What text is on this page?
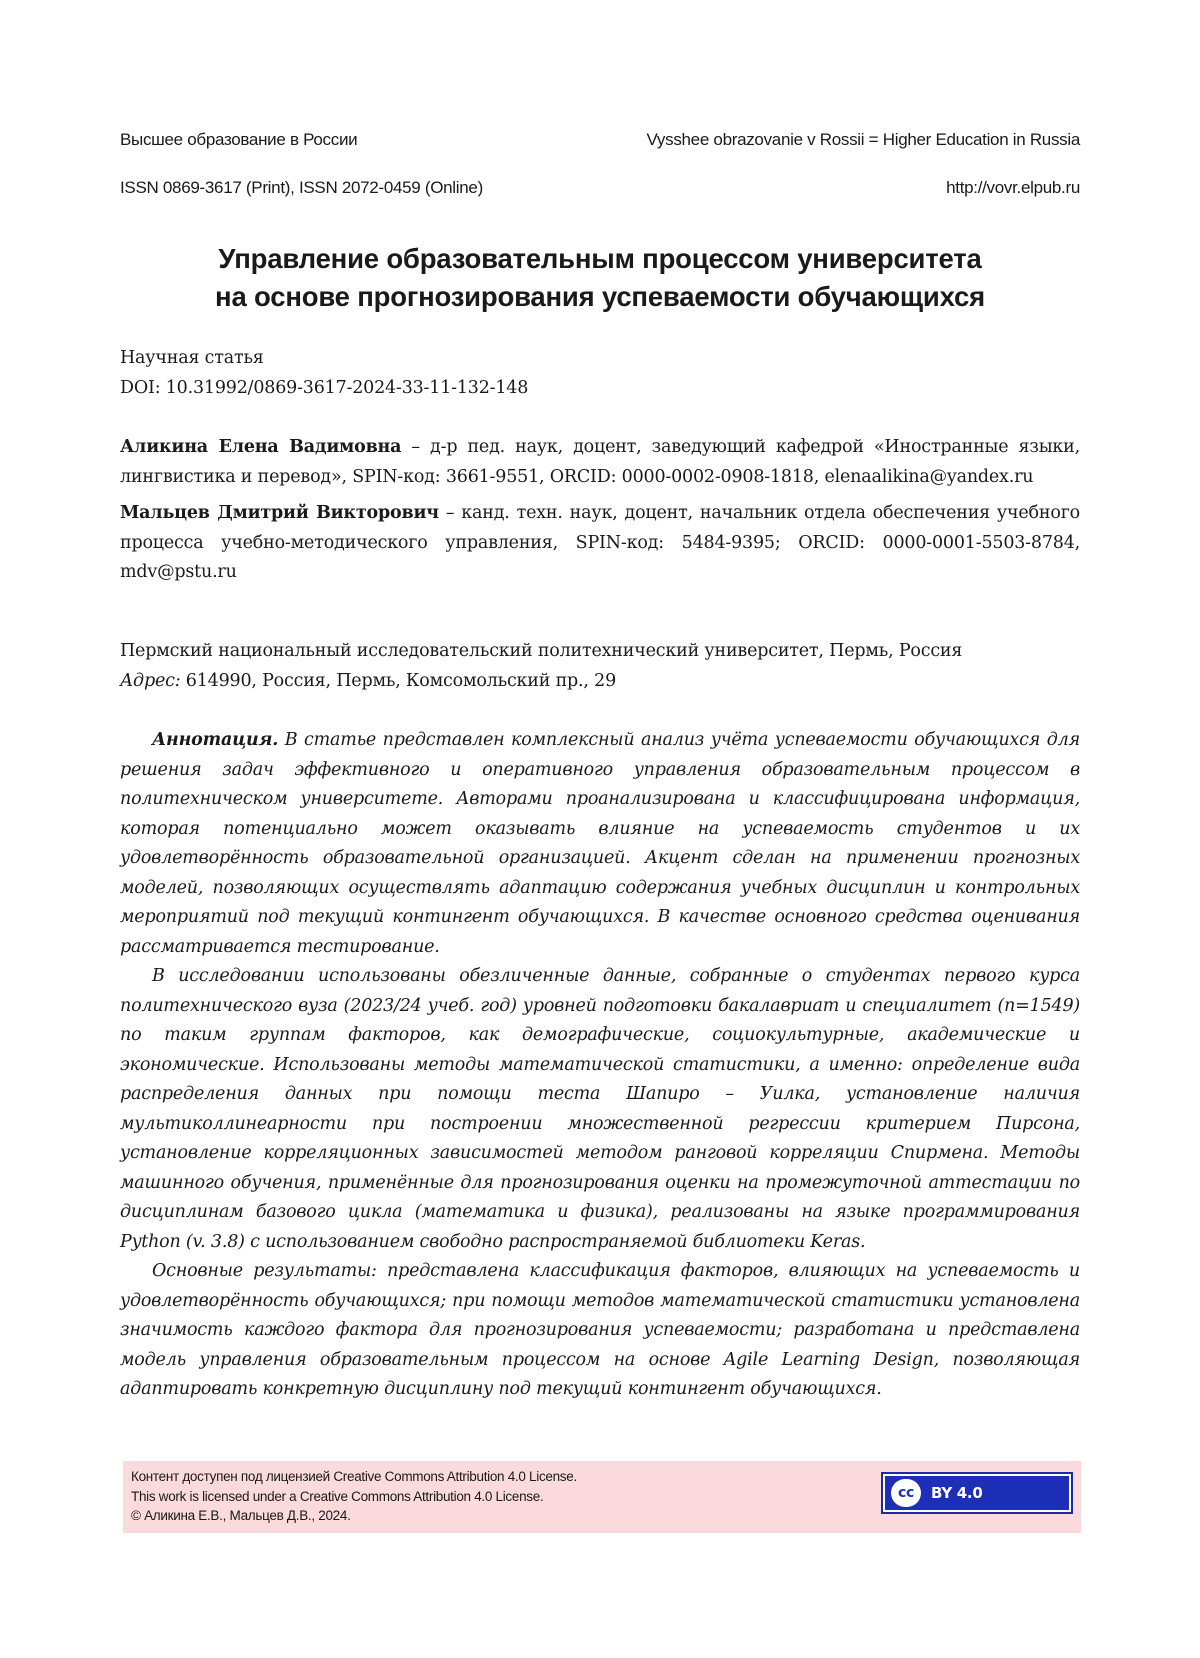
Высшее образование в России	Vysshee obrazovanie v Rossii = Higher Education in Russia
ISSN 0869-3617 (Print), ISSN 2072-0459 (Online)	http://vovr.elpub.ru
Управление образовательным процессом университета
на основе прогнозирования успеваемости обучающихся
Научная статья
DOI: 10.31992/0869-3617-2024-33-11-132-148

Аликина Елена Вадимовна – д-р пед. наук, доцент, заведующий кафедрой «Иностранные языки, лингвистика и перевод», SPIN-код: 3661-9551, ORCID: 0000-0002-0908-1818, elenaalikina@yandex.ru

Мальцев Дмитрий Викторович – канд. техн. наук, доцент, начальник отдела обеспечения учебного процесса учебно-методического управления, SPIN-код: 5484-9395; ORCID: 0000-0001-5503-8784, mdv@pstu.ru

Пермский национальный исследовательский политехнический университет, Пермь, Россия
Адрес: 614990, Россия, Пермь, Комсомольский пр., 29

Аннотация. В статье представлен комплексный анализ учёта успеваемости обучающихся для решения задач эффективного и оперативного управления образовательным процессом в политехническом университете. Авторами проанализирована и классифицирована информация, которая потенциально может оказывать влияние на успеваемость студентов и их удовлетворённость образовательной организацией. Акцент сделан на применении прогнозных моделей, позволяющих осуществлять адаптацию содержания учебных дисциплин и контрольных мероприятий под текущий контингент обучающихся. В качестве основного средства оценивания рассматривается тестирование.

В исследовании использованы обезличенные данные, собранные о студентах первого курса политехнического вуза (2023/24 учеб. год) уровней подготовки бакалавриат и специалитет (n=1549) по таким группам факторов, как демографические, социокультурные, академические и экономические. Использованы методы математической статистики, а именно: определение вида распределения данных при помощи теста Шапиро – Уилка, установление наличия мультиколлинеарности при построении множественной регрессии критерием Пирсона, установление корреляционных зависимостей методом ранговой корреляции Спирмена. Методы машинного обучения, применённые для прогнозирования оценки на промежуточной аттестации по дисциплинам базового цикла (математика и физика), реализованы на языке программирования Python (v. 3.8) с использованием свободно распространяемой библиотеки Keras.

Основные результаты: представлена классификация факторов, влияющих на успеваемость и удовлетворённость обучающихся; при помощи методов математической статистики установлена значимость каждого фактора для прогнозирования успеваемости; разработана и представлена модель управления образовательным процессом на основе Agile Learning Design, позволяющая адаптировать конкретную дисциплину под текущий контингент обучающихся.

Контент доступен под лицензией Creative Commons Attribution 4.0 License.
This work is licensed under a Creative Commons Attribution 4.0 License.
© Аликина Е.В., Мальцев Д.В., 2024.
cc	BY 4.0
